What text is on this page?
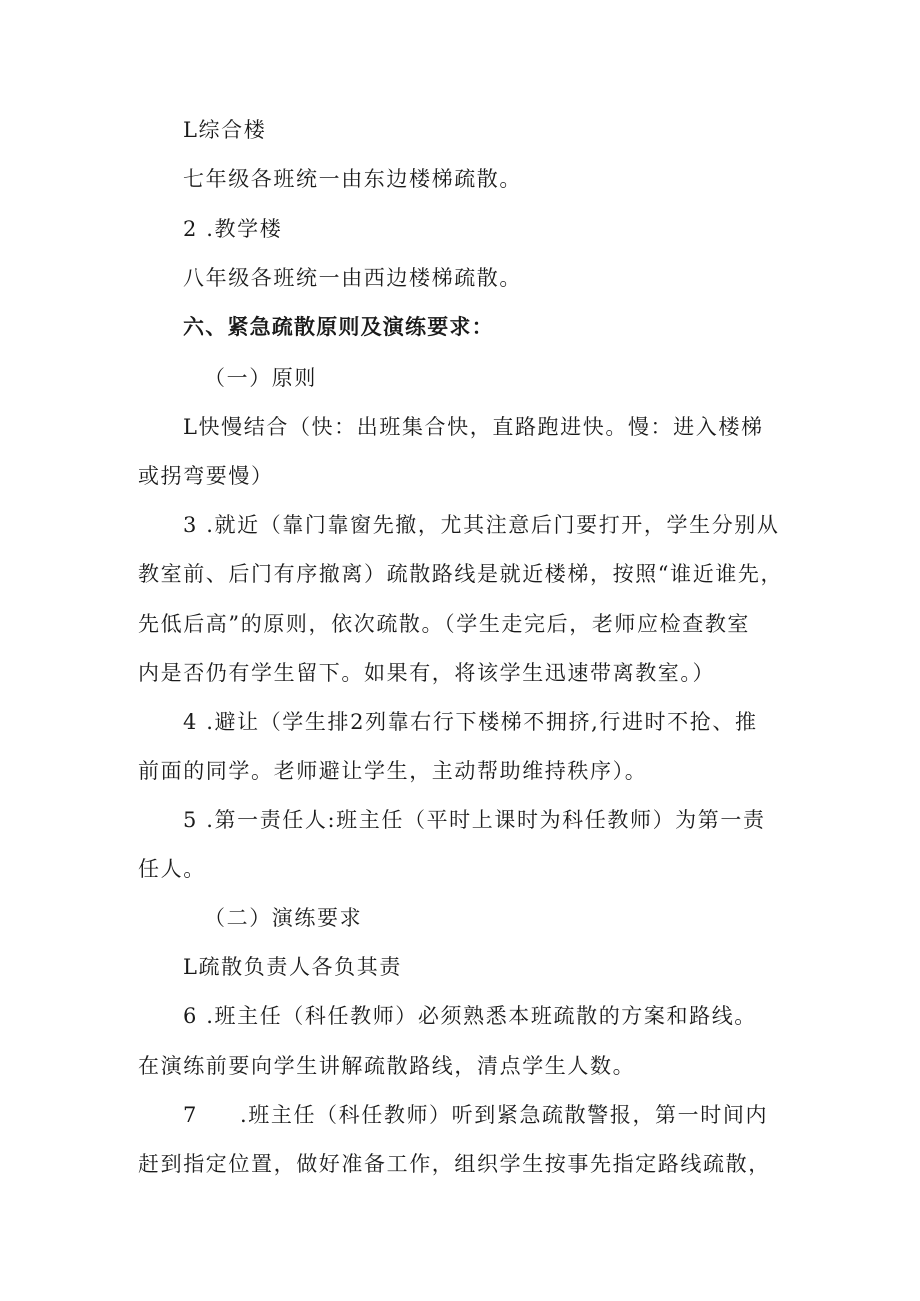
L综合楼
七年级各班统一由东边楼梯疏散。
2 .教学楼
八年级各班统一由西边楼梯疏散。
六、紧急疏散原则及演练要求：
（一）原则
L快慢结合（快：出班集合快，直路跑进快。慢：进入楼梯
或拐弯要慢）
3 .就近（靠门靠窗先撤，尤其注意后门要打开，学生分别从
教室前、后门有序撤离）疏散路线是就近楼梯，按照“谁近谁先，
先低后高”的原则，依次疏散。（学生走完后，老师应检查教室
内是否仍有学生留下。如果有，将该学生迅速带离教室。）
4 .避让（学生排2列靠右行下楼梯不拥挤,行进时不抢、推
前面的同学。老师避让学生，主动帮助维持秩序）。
5 .第一责任人:班主任（平时上课时为科任教师）为第一责
任人。
（二）演练要求
L疏散负责人各负其责
6 .班主任（科任教师）必须熟悉本班疏散的方案和路线。
在演练前要向学生讲解疏散路线，清点学生人数。
7 .班主任（科任教师）听到紧急疏散警报，第一时间内
赶到指定位置，做好准备工作，组织学生按事先指定路线疏散，
